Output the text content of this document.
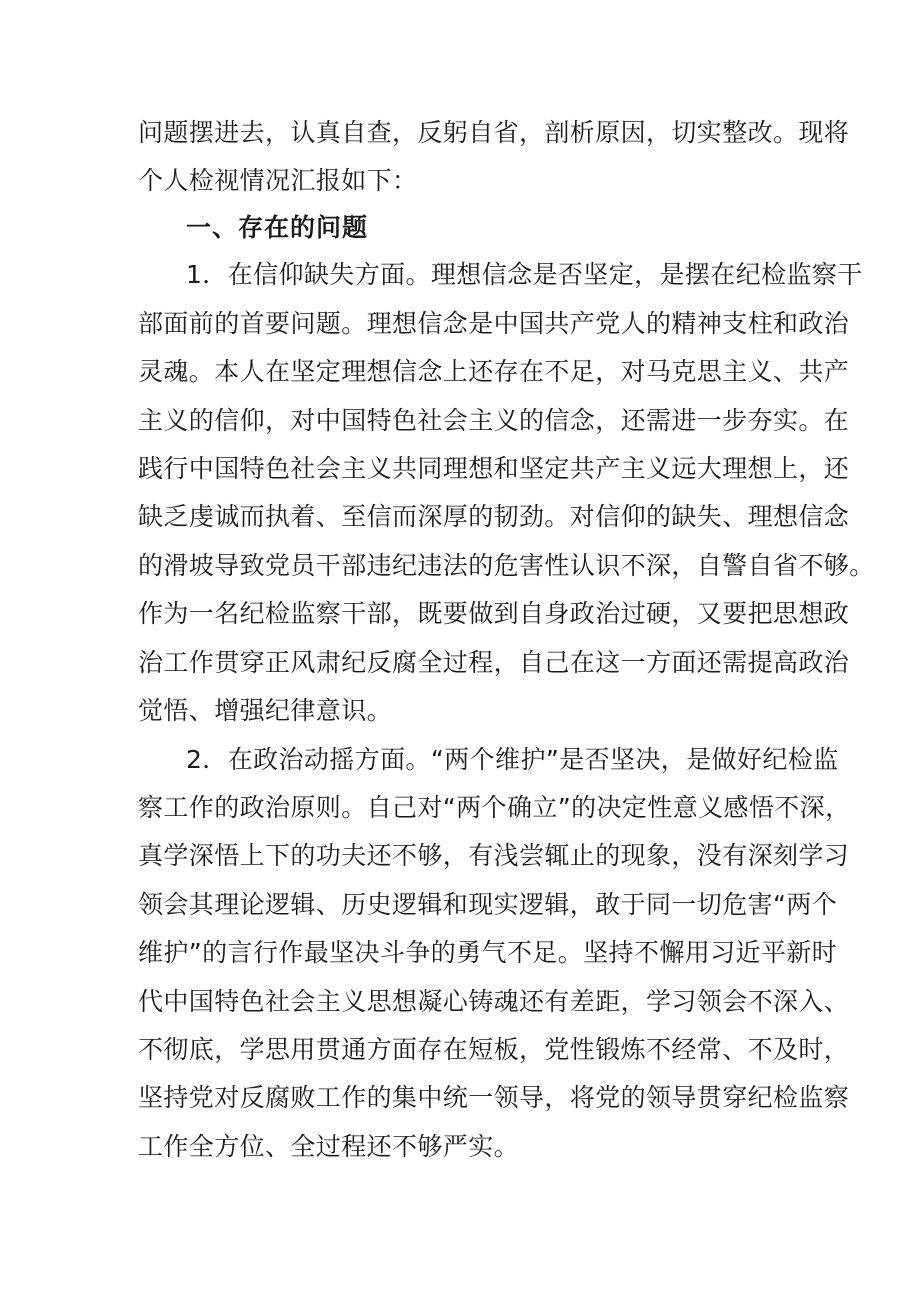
问题摆进去，认真自查，反躬自省，剖析原因，切实整改。现将
个人检视情况汇报如下：
一、存在的问题
1．在信仰缺失方面。理想信念是否坚定，是摆在纪检监察干
部面前的首要问题。理想信念是中国共产党人的精神支柱和政治
灵魂。本人在坚定理想信念上还存在不足，对马克思主义、共产
主义的信仰，对中国特色社会主义的信念，还需进一步夯实。在
践行中国特色社会主义共同理想和坚定共产主义远大理想上，还
缺乏虔诚而执着、至信而深厚的韧劲。对信仰的缺失、理想信念
的滑坡导致党员干部违纪违法的危害性认识不深，自警自省不够。
作为一名纪检监察干部，既要做到自身政治过硬，又要把思想政
治工作贯穿正风肃纪反腐全过程，自己在这一方面还需提高政治
觉悟、增强纪律意识。
2．在政治动摇方面。“两个维护”是否坚决，是做好纪检监
察工作的政治原则。自己对“两个确立”的决定性意义感悟不深，
真学深悟上下的功夫还不够，有浅尝辄止的现象，没有深刻学习
领会其理论逻辑、历史逻辑和现实逻辑，敢于同一切危害“两个
维护”的言行作最坚决斗争的勇气不足。坚持不懈用习近平新时
代中国特色社会主义思想凝心铸魂还有差距，学习领会不深入、
不彻底，学思用贯通方面存在短板，党性锻炼不经常、不及时，
坚持党对反腐败工作的集中统一领导，将党的领导贯穿纪检监察
工作全方位、全过程还不够严实。
